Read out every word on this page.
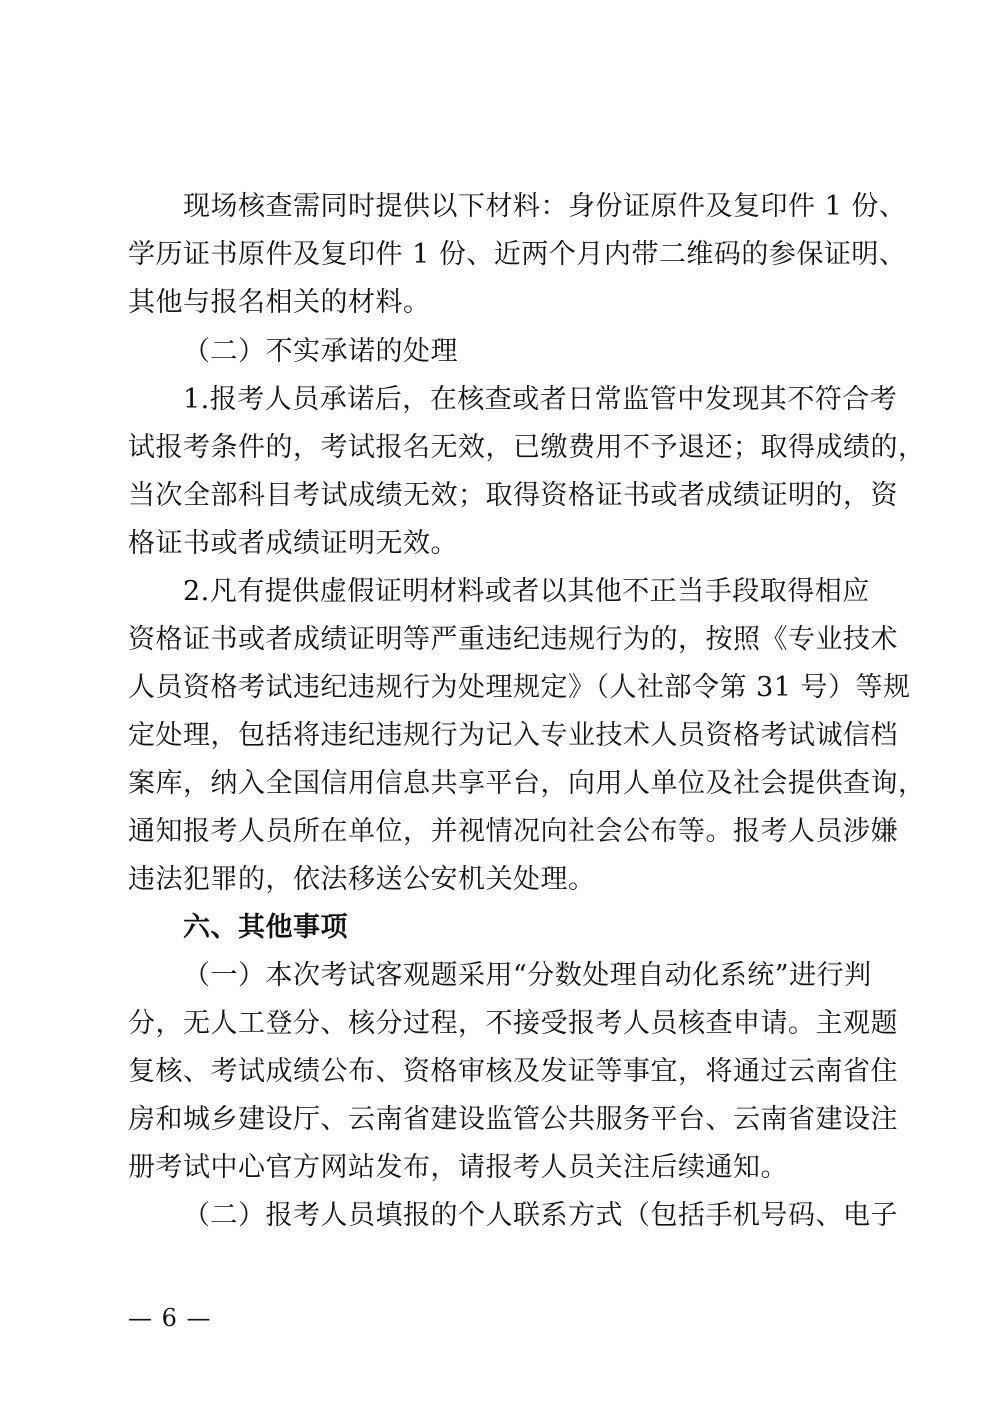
现场核查需同时提供以下材料：身份证原件及复印件 1 份、
学历证书原件及复印件 1 份、近两个月内带二维码的参保证明、
其他与报名相关的材料。
（二）不实承诺的处理
1.报考人员承诺后，在核查或者日常监管中发现其不符合考
试报考条件的，考试报名无效，已缴费用不予退还；取得成绩的，
当次全部科目考试成绩无效；取得资格证书或者成绩证明的，资
格证书或者成绩证明无效。
2.凡有提供虚假证明材料或者以其他不正当手段取得相应
资格证书或者成绩证明等严重违纪违规行为的，按照《专业技术
人员资格考试违纪违规行为处理规定》（人社部令第 31 号）等规
定处理，包括将违纪违规行为记入专业技术人员资格考试诚信档
案库，纳入全国信用信息共享平台，向用人单位及社会提供查询，
通知报考人员所在单位，并视情况向社会公布等。报考人员涉嫌
违法犯罪的，依法移送公安机关处理。
六、其他事项
（一）本次考试客观题采用“分数处理自动化系统”进行判
分，无人工登分、核分过程，不接受报考人员核查申请。主观题
复核、考试成绩公布、资格审核及发证等事宜，将通过云南省住
房和城乡建设厅、云南省建设监管公共服务平台、云南省建设注
册考试中心官方网站发布，请报考人员关注后续通知。
（二）报考人员填报的个人联系方式（包括手机号码、电子
— 6 —
